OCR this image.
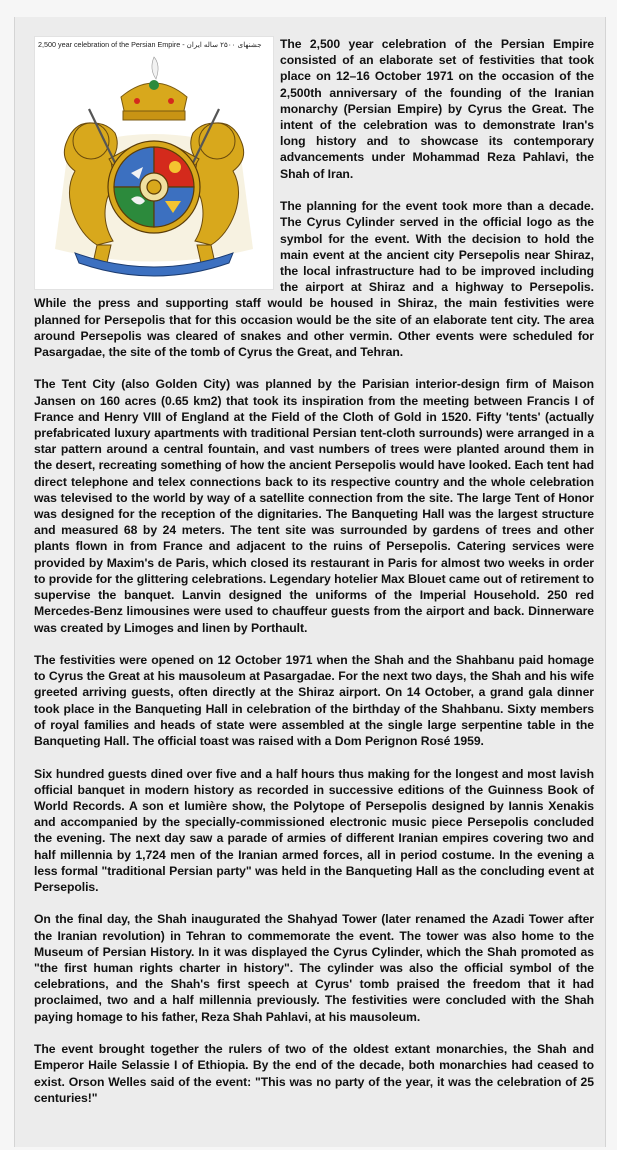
2,500 year celebration of the Persian Empire - جشنهای ۲۵۰۰ ساله ایران	The 2,500 year celebration of the Persian Empire consisted of an elaborate set of festivities that took place on 12–16 October 1971 on the occasion of the 2,500th anniversary of the founding of the Iranian monarchy (Persian Empire) by Cyrus the Great. The intent of the celebration was to demonstrate Iran's long history and to showcase its contemporary advancements under Mohammad Reza Pahlavi, the Shah of Iran.

The planning for the event took more than a decade. The Cyrus Cylinder served in the official logo as the symbol for the event. With the decision to hold the main event at the ancient city Persepolis near Shiraz, the local infrastructure had to be improved including the airport at Shiraz and a highway to Persepolis. While the press and supporting staff would be housed in Shiraz, the main festivities were planned for Persepolis that for this occasion would be the site of an elaborate tent city. The area around Persepolis was cleared of snakes and other vermin. Other events were scheduled for Pasargadae, the site of the tomb of Cyrus the Great, and Tehran.

The Tent City (also Golden City) was planned by the Parisian interior-design firm of Maison Jansen on 160 acres (0.65 km2) that took its inspiration from the meeting between Francis I of France and Henry VIII of England at the Field of the Cloth of Gold in 1520. Fifty 'tents' (actually prefabricated luxury apartments with traditional Persian tent-cloth surrounds) were arranged in a star pattern around a central fountain, and vast numbers of trees were planted around them in the desert, recreating something of how the ancient Persepolis would have looked. Each tent had direct telephone and telex connections back to its respective country and the whole celebration was televised to the world by way of a satellite connection from the site. The large Tent of Honor was designed for the reception of the dignitaries. The Banqueting Hall was the largest structure and measured 68 by 24 meters. The tent site was surrounded by gardens of trees and other plants flown in from France and adjacent to the ruins of Persepolis. Catering services were provided by Maxim's de Paris, which closed its restaurant in Paris for almost two weeks in order to provide for the glittering celebrations. Legendary hotelier Max Blouet came out of retirement to supervise the banquet. Lanvin designed the uniforms of the Imperial Household. 250 red Mercedes-Benz limousines were used to chauffeur guests from the airport and back. Dinnerware was created by Limoges and linen by Porthault.

The festivities were opened on 12 October 1971 when the Shah and the Shahbanu paid homage to Cyrus the Great at his mausoleum at Pasargadae. For the next two days, the Shah and his wife greeted arriving guests, often directly at the Shiraz airport. On 14 October, a grand gala dinner took place in the Banqueting Hall in celebration of the birthday of the Shahbanu. Sixty members of royal families and heads of state were assembled at the single large serpentine table in the Banqueting Hall. The official toast was raised with a Dom Perignon Rosé 1959.

Six hundred guests dined over five and a half hours thus making for the longest and most lavish official banquet in modern history as recorded in successive editions of the Guinness Book of World Records. A son et lumière show, the Polytope of Persepolis designed by Iannis Xenakis and accompanied by the specially-commissioned electronic music piece Persepolis concluded the evening. The next day saw a parade of armies of different Iranian empires covering two and half millennia by 1,724 men of the Iranian armed forces, all in period costume. In the evening a less formal "traditional Persian party" was held in the Banqueting Hall as the concluding event at Persepolis.

On the final day, the Shah inaugurated the Shahyad Tower (later renamed the Azadi Tower after the Iranian revolution) in Tehran to commemorate the event. The tower was also home to the Museum of Persian History. In it was displayed the Cyrus Cylinder, which the Shah promoted as "the first human rights charter in history". The cylinder was also the official symbol of the celebrations, and the Shah's first speech at Cyrus' tomb praised the freedom that it had proclaimed, two and a half millennia previously. The festivities were concluded with the Shah paying homage to his father, Reza Shah Pahlavi, at his mausoleum.

The event brought together the rulers of two of the oldest extant monarchies, the Shah and Emperor Haile Selassie I of Ethiopia. By the end of the decade, both monarchies had ceased to exist. Orson Welles said of the event: "This was no party of the year, it was the celebration of 25 centuries!"
